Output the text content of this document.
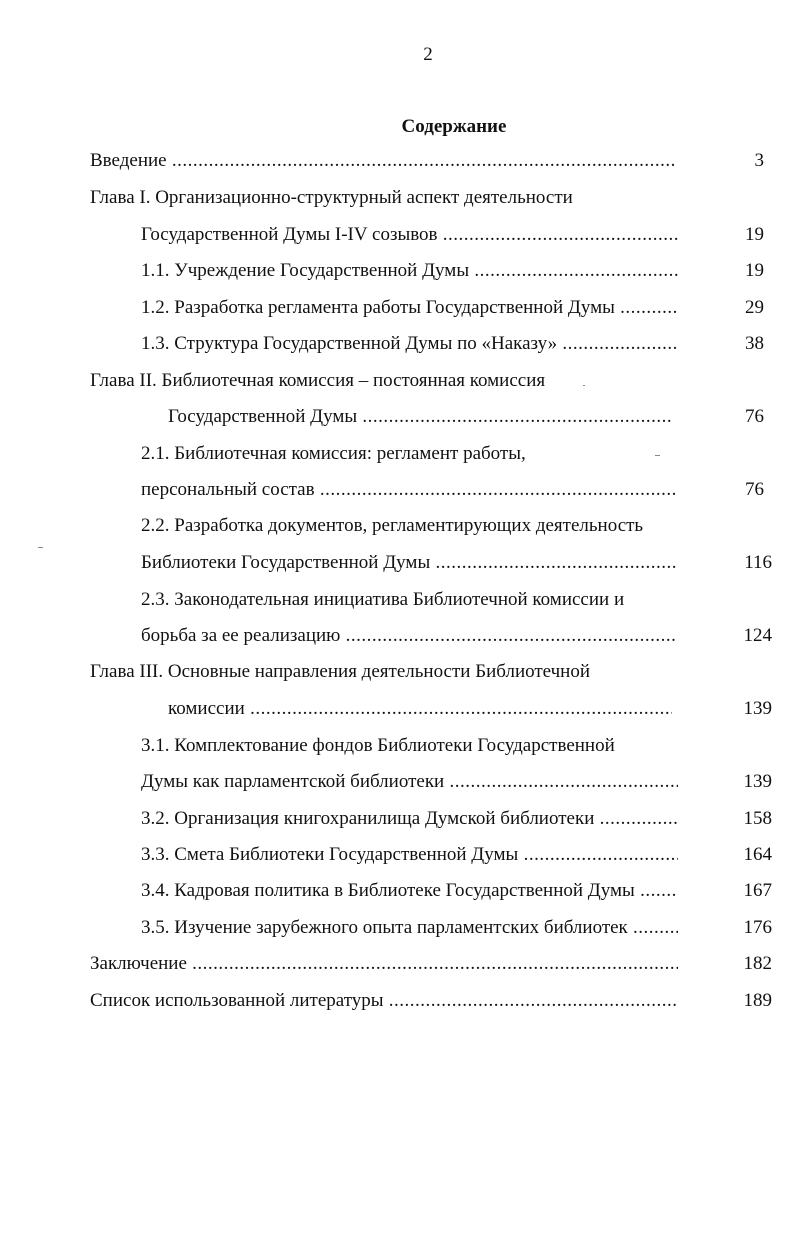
2
Содержание
Введение .....	3
Глава I. Организационно-структурный аспект деятельности
Государственной Думы I-IV созывов .....	19
1.1. Учреждение Государственной Думы .....	19
1.2. Разработка регламента работы Государственной Думы .....	29
1.3. Структура Государственной Думы по «Наказу» .....	38
Глава II. Библиотечная комиссия – постоянная комиссия
Государственной Думы .....	76
2.1. Библиотечная комиссия: регламент работы,
персональный состав .....	76
2.2. Разработка документов, регламентирующих деятельность
Библиотеки Государственной Думы .....	116
2.3. Законодательная инициатива Библиотечной комиссии и
борьба за ее реализацию .....	124
Глава III. Основные направления деятельности Библиотечной
комиссии .....	139
3.1. Комплектование фондов Библиотеки Государственной
Думы как парламентской библиотеки .....	139
3.2. Организация книгохранилища Думской библиотеки .....	158
3.3. Смета Библиотеки Государственной Думы .....	164
3.4. Кадровая политика в Библиотеке Государственной Думы .....	167
3.5. Изучение зарубежного опыта парламентских библиотек .....	176
Заключение .....	182
Список использованной литературы .....	189
